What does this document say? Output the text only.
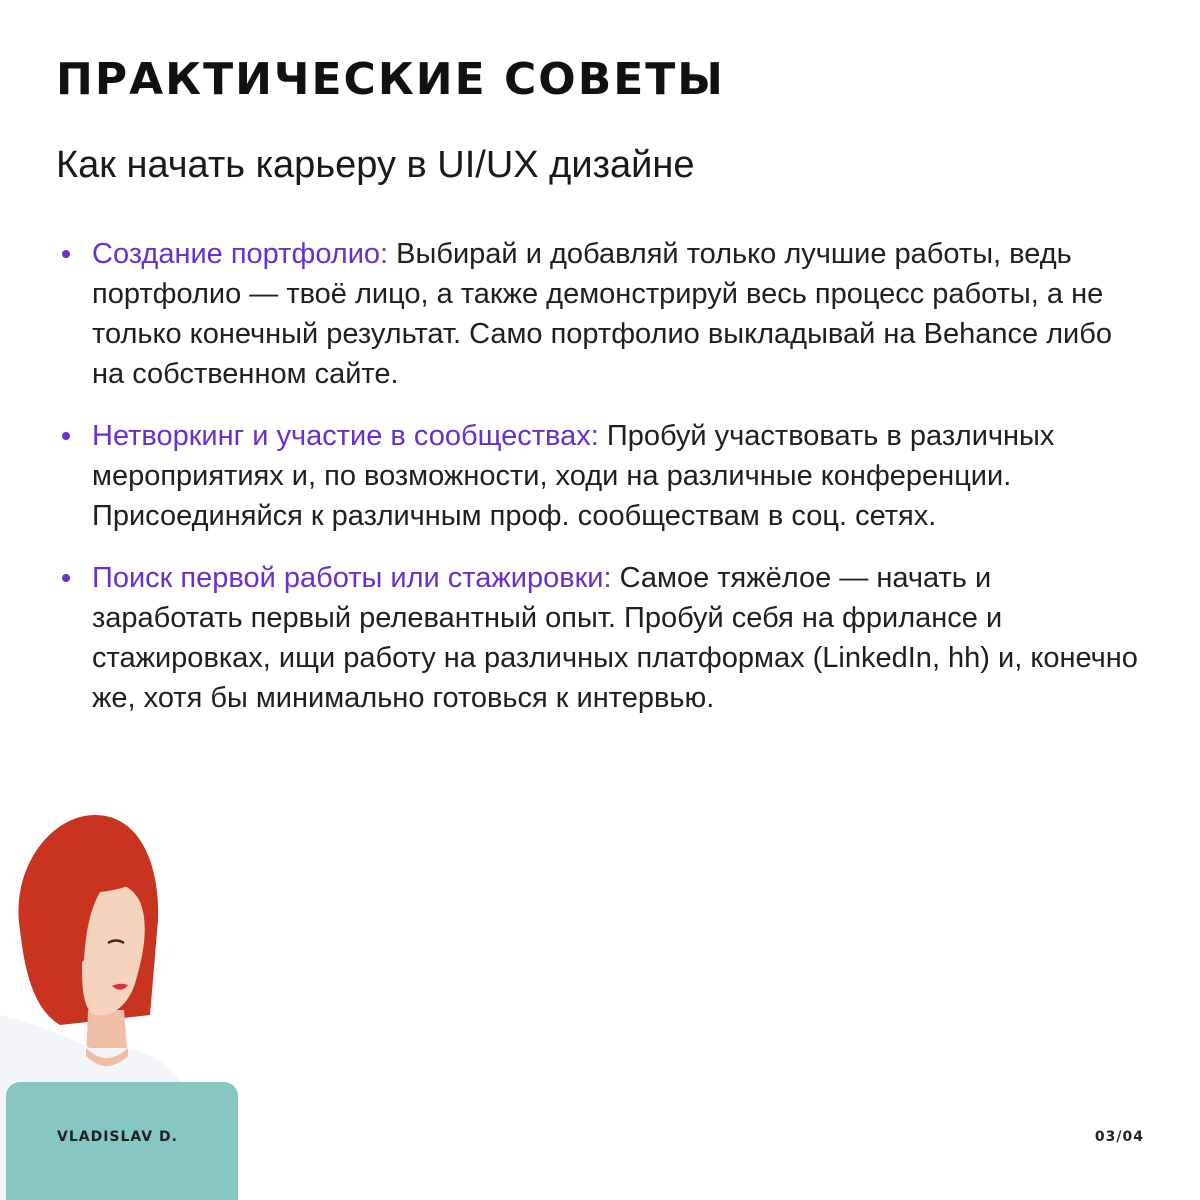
ПРАКТИЧЕСКИЕ СОВЕТЫ
Как начать карьеру в UI/UX дизайне
Создание портфолио: Выбирай и добавляй только лучшие работы, ведь портфолио — твоё лицо, а также демонстрируй весь процесс работы, а не только конечный результат. Само портфолио выкладывай на Behance либо на собственном сайте.
Нетворкинг и участие в сообществах: Пробуй участвовать в различных мероприятиях и, по возможности, ходи на различные конференции. Присоединяйся к различным проф. сообществам в соц. сетях.
Поиск первой работы или стажировки: Самое тяжёлое — начать и заработать первый релевантный опыт. Пробуй себя на фрилансе и стажировках, ищи работу на различных платформах (LinkedIn, hh) и, конечно же, хотя бы минимально готовься к интервью.
VLADISLAV D.	03/04
